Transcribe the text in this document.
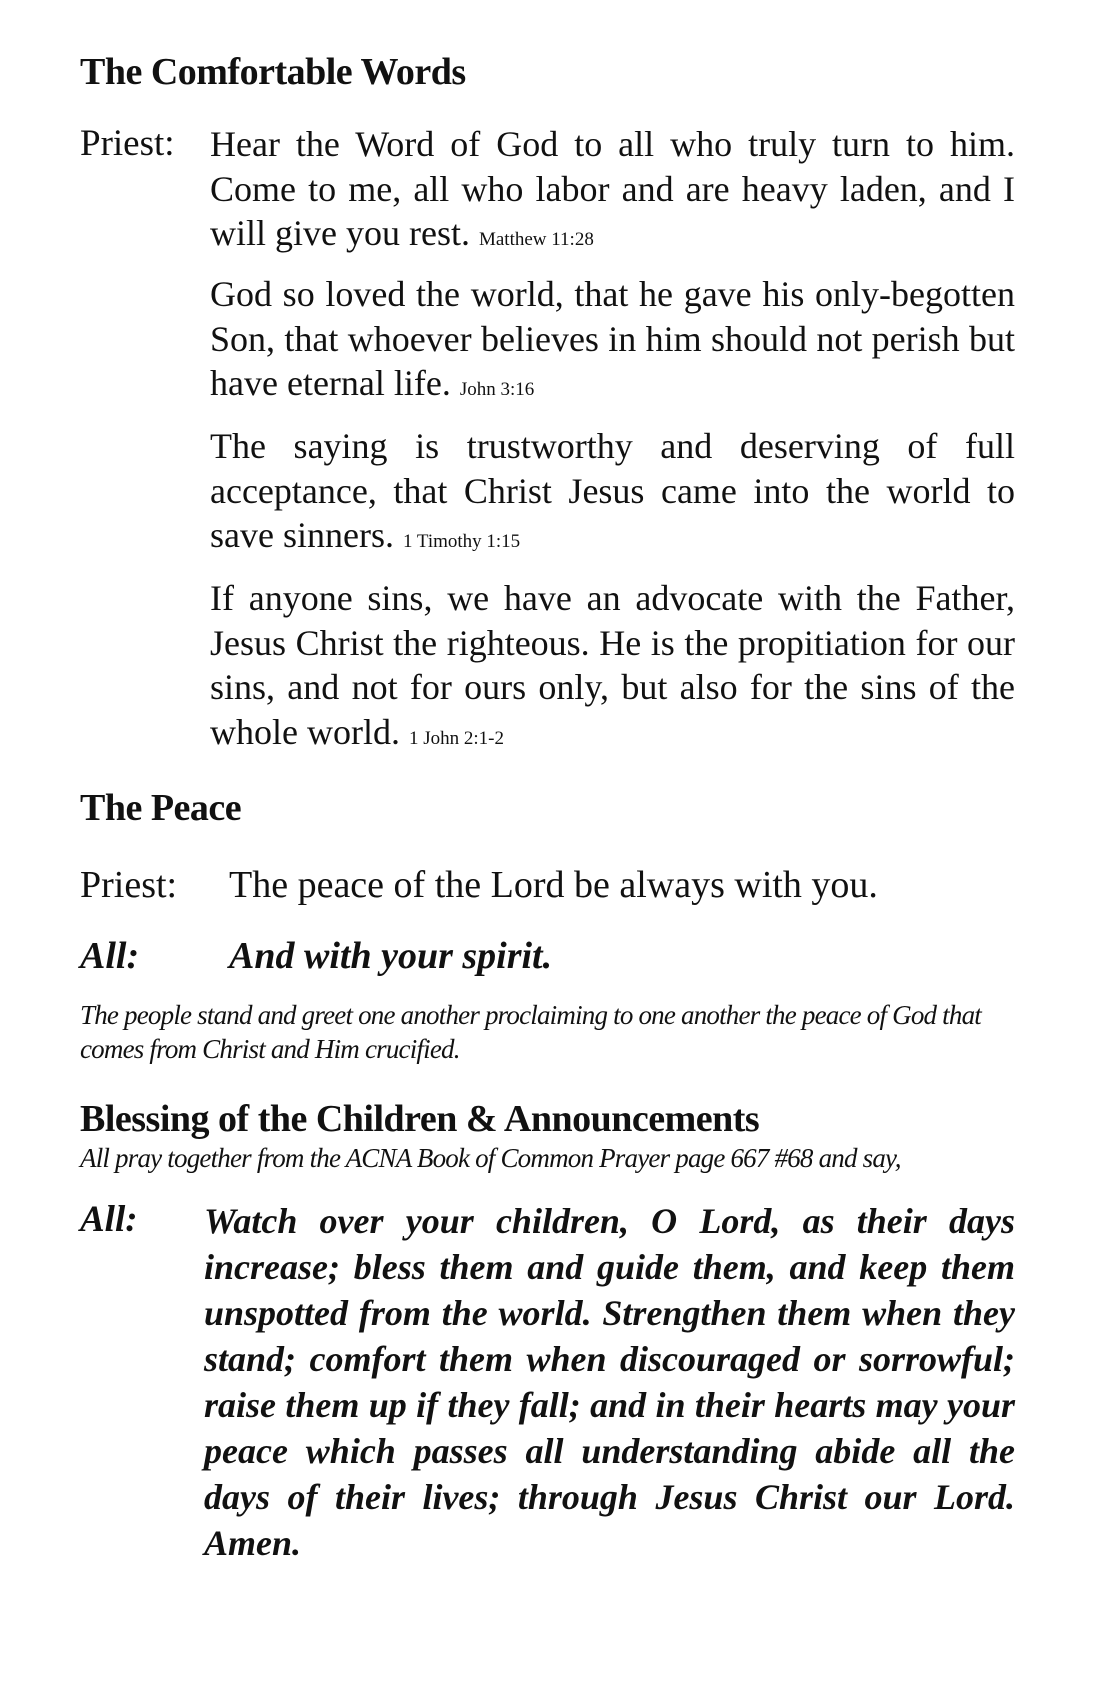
The Comfortable Words
Priest: Hear the Word of God to all who truly turn to him. Come to me, all who labor and are heavy laden, and I will give you rest. Matthew 11:28

God so loved the world, that he gave his only-begotten Son, that whoever believes in him should not perish but have eternal life. John 3:16

The saying is trustworthy and deserving of full acceptance, that Christ Jesus came into the world to save sinners. 1 Timothy 1:15

If anyone sins, we have an advocate with the Father, Jesus Christ the righteous. He is the propitiation for our sins, and not for ours only, but also for the sins of the whole world. 1 John 2:1-2

The Peace
Priest: The peace of the Lord be always with you.
All: And with your spirit.

The people stand and greet one another proclaiming to one another the peace of God that comes from Christ and Him crucified.

Blessing of the Children & Announcements

All pray together from the ACNA Book of Common Prayer page 667 #68 and say,

All: Watch over your children, O Lord, as their days increase; bless them and guide them, and keep them unspotted from the world. Strengthen them when they stand; comfort them when discouraged or sorrowful; raise them up if they fall; and in their hearts may your peace which passes all understanding abide all the days of their lives; through Jesus Christ our Lord. Amen.
